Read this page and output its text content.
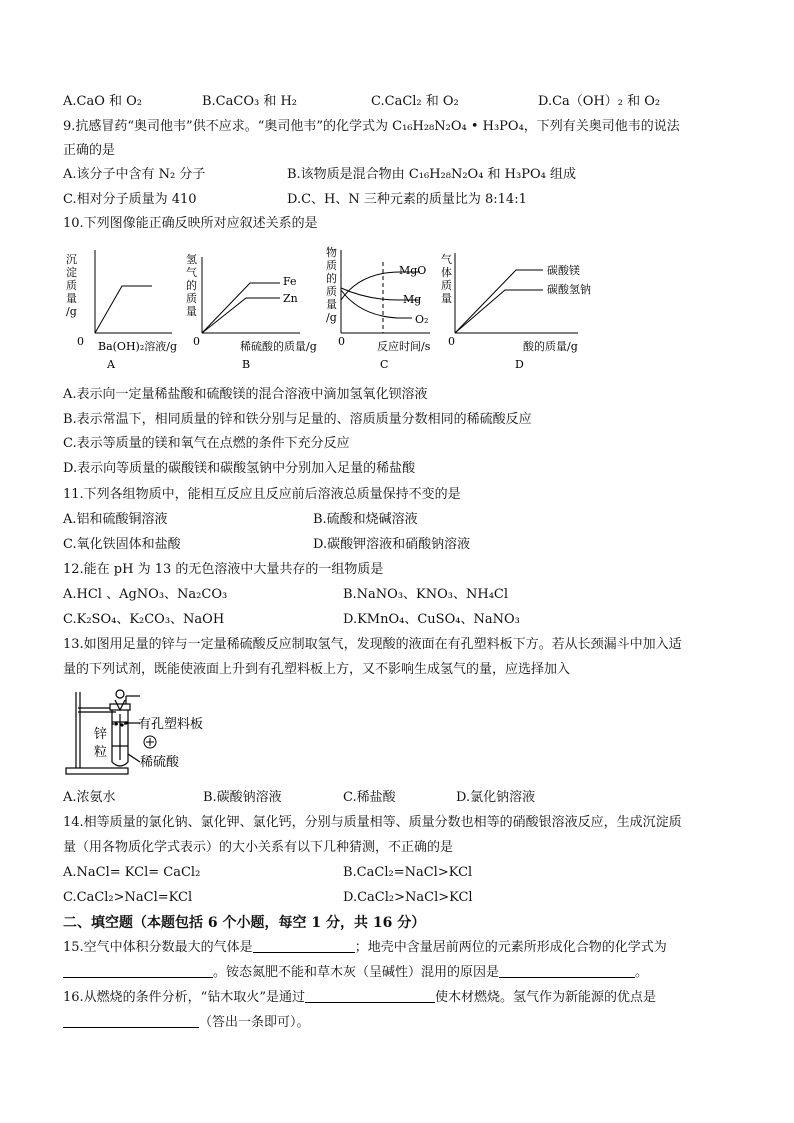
A.CaO 和 O₂	B.CaCO₃ 和 H₂	C.CaCl₂ 和 O₂	D.Ca（OH）₂ 和 O₂
9.抗感冒药“奥司他韦”供不应求。“奥司他韦”的化学式为 C₁₆H₂₈N₂O₄ • H₃PO₄，下列有关奥司他韦的说法
正确的是
A.该分子中含有 N₂ 分子	B.该物质是混合物由 C₁₆H₂₈N₂O₄ 和 H₃PO₄ 组成
C.相对分子质量为 410	D.C、H、N 三种元素的质量比为 8:14:1
10.下列图像能正确反映所对应叙述关系的是
沉
淀
质
量
/g
0 Ba(OH)₂溶液/g
A
氢
气
的
质
量
Fe
Zn
0	稀硫酸的质量/g
B
物
质
的
质
量
/g
MgO
Mg
O₂
0	反应时间/s
C
气
体
质
量
碳酸镁
碳酸氢钠
0	酸的质量/g
D
A.表示向一定量稀盐酸和硫酸镁的混合溶液中滴加氢氧化钡溶液
B.表示常温下，相同质量的锌和铁分别与足量的、溶质质量分数相同的稀硫酸反应
C.表示等质量的镁和氧气在点燃的条件下充分反应
D.表示向等质量的碳酸镁和碳酸氢钠中分别加入足量的稀盐酸
11.下列各组物质中，能相互反应且反应前后溶液总质量保持不变的是
A.铝和硫酸铜溶液	B.硫酸和烧碱溶液
C.氧化铁固体和盐酸	D.碳酸钾溶液和硝酸钠溶液
12.能在 pH 为 13 的无色溶液中大量共存的一组物质是
A.HCl 、AgNO₃、Na₂CO₃	B.NaNO₃、KNO₃、NH₄Cl
C.K₂SO₄、K₂CO₃、NaOH	D.KMnO₄、CuSO₄、NaNO₃
13.如图用足量的锌与一定量稀硫酸反应制取氢气，发现酸的液面在有孔塑料板下方。若从长颈漏斗中加入适
量的下列试剂，既能使液面上升到有孔塑料板上方，又不影响生成氢气的量，应选择加入
有孔塑料板
锌
粒
稀硫酸
A.浓氨水	B.碳酸钠溶液	C.稀盐酸	D.氯化钠溶液
14.相等质量的氯化钠、氯化钾、氯化钙，分别与质量相等、质量分数也相等的硝酸银溶液反应，生成沉淀质
量（用各物质化学式表示）的大小关系有以下几种猜测，不正确的是
A.NaCl= KCl= CaCl₂	B.CaCl₂=NaCl>KCl
C.CaCl₂>NaCl=KCl	D.CaCl₂>NaCl>KCl
二、填空题（本题包括 6 个小题，每空 1 分，共 16 分）
15.空气中体积分数最大的气体是	；地壳中含量居前两位的元素所形成化合物的化学式为
。铵态氮肥不能和草木灰（呈碱性）混用的原因是	。
16.从燃烧的条件分析，“钻木取火”是通过	使木材燃烧。氢气作为新能源的优点是
（答出一条即可）。
